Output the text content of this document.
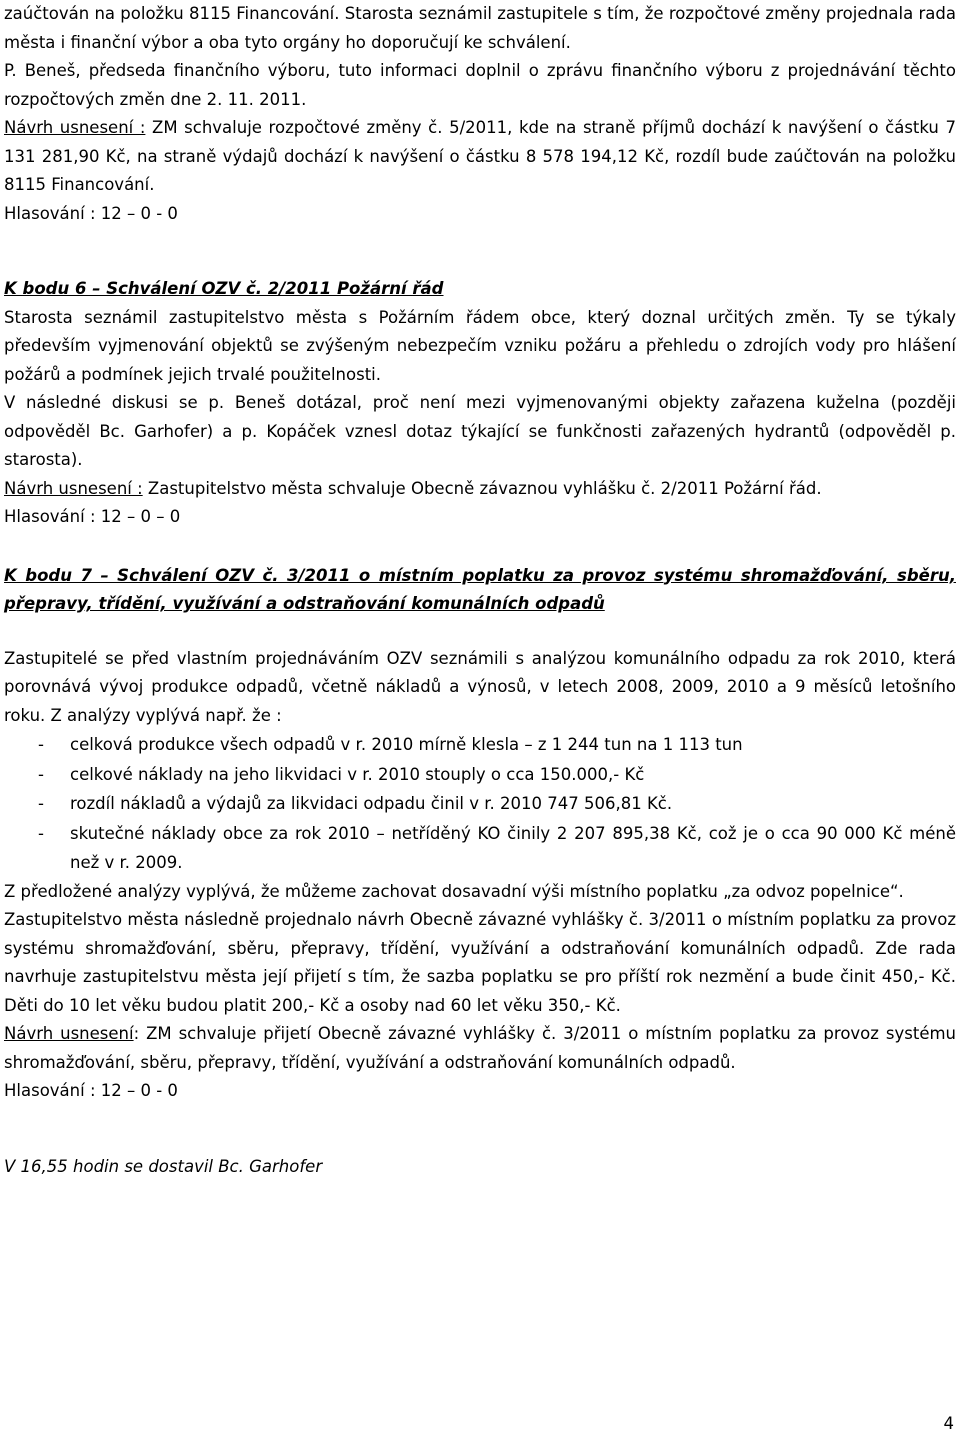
zaúčtován na položku 8115 Financování. Starosta seznámil zastupitele s tím, že rozpočtové změny projednala rada města i finanční výbor a oba tyto orgány ho doporučují ke schválení.

P. Beneš, předseda finančního výboru, tuto informaci doplnil o zprávu finančního výboru z projednávání těchto rozpočtových změn dne 2. 11. 2011.

Návrh usnesení : ZM schvaluje rozpočtové změny č. 5/2011, kde na straně příjmů dochází k navýšení o částku 7 131 281,90 Kč, na straně výdajů dochází k navýšení o částku 8 578 194,12 Kč, rozdíl bude zaúčtován na položku 8115 Financování.

Hlasování : 12 – 0 - 0

K bodu 6 – Schválení OZV č. 2/2011 Požární řád

Starosta seznámil zastupitelstvo města s Požárním řádem obce, který doznal určitých změn. Ty se týkaly především vyjmenování objektů se zvýšeným nebezpečím vzniku požáru a přehledu o zdrojích vody pro hlášení požárů a podmínek jejich trvalé použitelnosti.

V následné diskusi se p. Beneš dotázal, proč není mezi vyjmenovanými objekty zařazena kuželna (později odpověděl Bc. Garhofer) a p. Kopáček vznesl dotaz týkající se funkčnosti zařazených hydrantů (odpověděl p. starosta).

Návrh usnesení : Zastupitelstvo města schvaluje Obecně závaznou vyhlášku č. 2/2011 Požární řád.

Hlasování : 12 – 0 – 0

K bodu 7 – Schválení OZV č. 3/2011 o místním poplatku za provoz systému shromažďování, sběru, přepravy, třídění, využívání a odstraňování komunálních odpadů

Zastupitelé se před vlastním projednáváním OZV seznámili s analýzou komunálního odpadu za rok 2010, která porovnává vývoj produkce odpadů, včetně nákladů a výnosů, v letech 2008, 2009, 2010 a 9 měsíců letošního roku. Z analýzy vyplývá např. že :

- celková produkce všech odpadů v r. 2010 mírně klesla – z 1 244 tun na 1 113 tun
- celkové náklady na jeho likvidaci v r. 2010 stouply o cca 150.000,- Kč
- rozdíl nákladů a výdajů za likvidaci odpadu činil v r. 2010 747 506,81 Kč.
- skutečné náklady obce za rok 2010 – netříděný KO činily 2 207 895,38 Kč, což je o cca 90 000 Kč méně než v r. 2009.

Z předložené analýzy vyplývá, že můžeme zachovat dosavadní výši místního poplatku „za odvoz popelnice“.

Zastupitelstvo města následně projednalo návrh Obecně závazné vyhlášky č. 3/2011 o místním poplatku za provoz systému shromažďování, sběru, přepravy, třídění, využívání a odstraňování komunálních odpadů. Zde rada navrhuje zastupitelstvu města její přijetí s tím, že sazba poplatku se pro příští rok nezmění a bude činit 450,- Kč. Děti do 10 let věku budou platit 200,- Kč a osoby nad 60 let věku 350,- Kč.

Návrh usnesení: ZM schvaluje přijetí Obecně závazné vyhlášky č. 3/2011 o místním poplatku za provoz systému shromažďování, sběru, přepravy, třídění, využívání a odstraňování komunálních odpadů.

Hlasování : 12 – 0 - 0

V 16,55 hodin se dostavil Bc. Garhofer

4
